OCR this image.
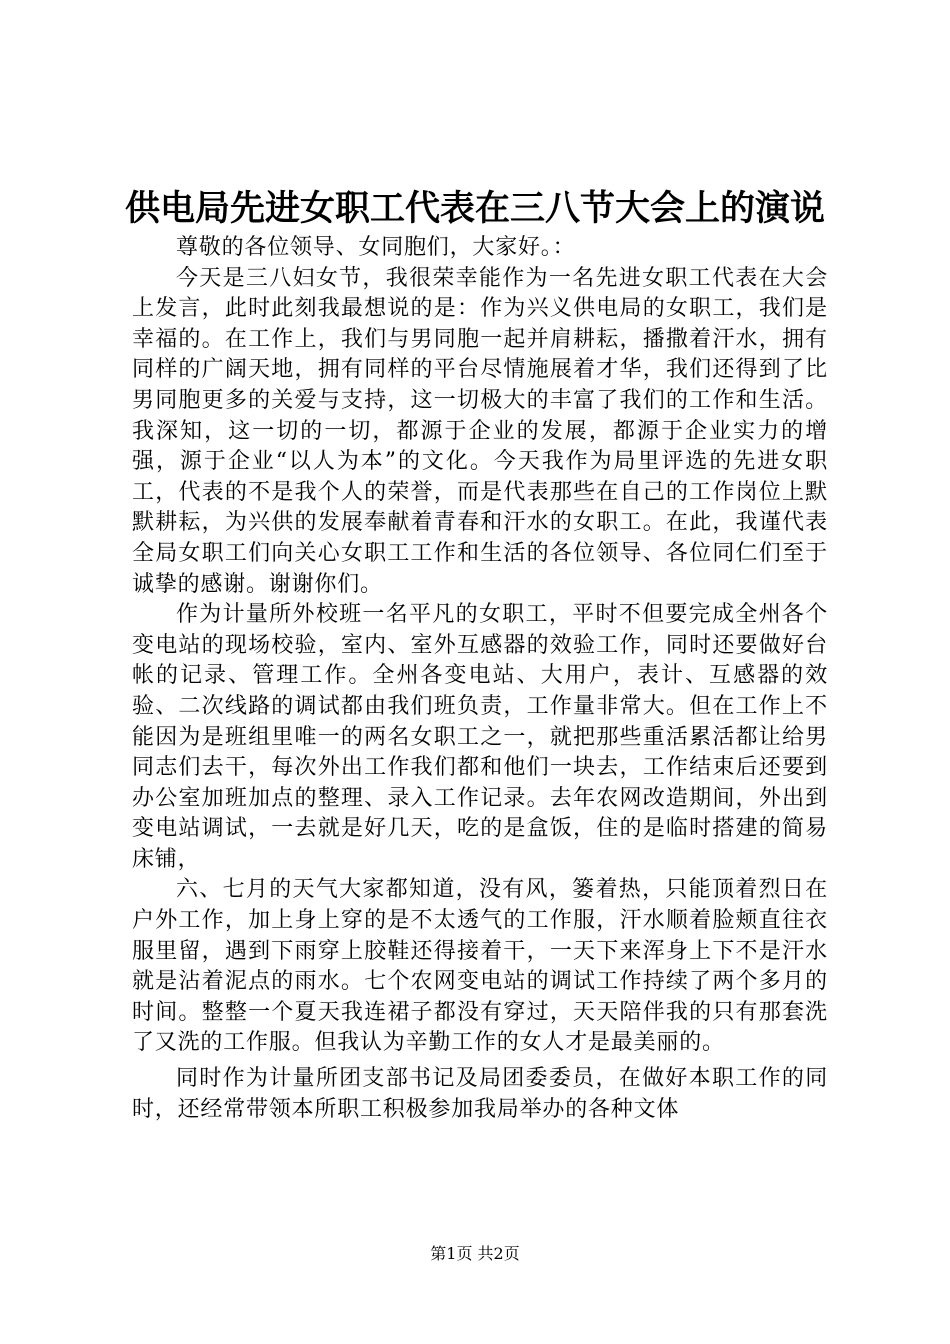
供电局先进女职工代表在三八节大会上的演说

尊敬的各位领导、女同胞们，大家好。：

今天是三八妇女节，我很荣幸能作为一名先进女职工代表在大会上发言，此时此刻我最想说的是：作为兴义供电局的女职工，我们是幸福的。在工作上，我们与男同胞一起并肩耕耘，播撒着汗水，拥有同样的广阔天地，拥有同样的平台尽情施展着才华，我们还得到了比男同胞更多的关爱与支持，这一切极大的丰富了我们的工作和生活。我深知，这一切的一切，都源于企业的发展，都源于企业实力的增强，源于企业“以人为本”的文化。今天我作为局里评选的先进女职工，代表的不是我个人的荣誉，而是代表那些在自己的工作岗位上默默耕耘，为兴供的发展奉献着青春和汗水的女职工。在此，我谨代表全局女职工们向关心女职工工作和生活的各位领导、各位同仁们至于诚挚的感谢。谢谢你们。

作为计量所外校班一名平凡的女职工，平时不但要完成全州各个变电站的现场校验，室内、室外互感器的效验工作，同时还要做好台帐的记录、管理工作。全州各变电站、大用户，表计、互感器的效验、二次线路的调试都由我们班负责，工作量非常大。但在工作上不能因为是班组里唯一的两名女职工之一，就把那些重活累活都让给男同志们去干，每次外出工作我们都和他们一块去，工作结束后还要到办公室加班加点的整理、录入工作记录。去年农网改造期间，外出到变电站调试，一去就是好几天，吃的是盒饭，住的是临时搭建的简易床铺，

六、七月的天气大家都知道，没有风，篓着热，只能顶着烈日在户外工作，加上身上穿的是不太透气的工作服，汗水顺着脸颊直往衣服里留，遇到下雨穿上胶鞋还得接着干，一天下来浑身上下不是汗水就是沾着泥点的雨水。七个农网变电站的调试工作持续了两个多月的时间。整整一个夏天我连裙子都没有穿过，天天陪伴我的只有那套洗了又洗的工作服。但我认为辛勤工作的女人才是最美丽的。

同时作为计量所团支部书记及局团委委员，在做好本职工作的同时，还经常带领本所职工积极参加我局举办的各种文体

第1页 共2页
